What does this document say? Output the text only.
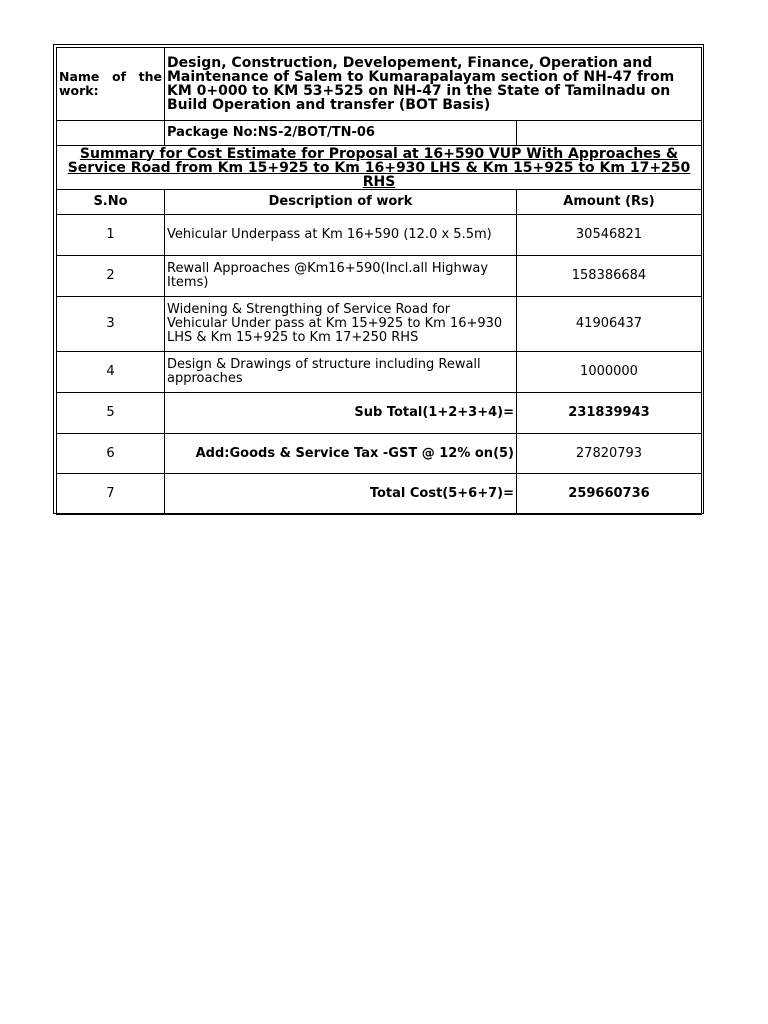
Name of the work:	Design, Construction, Developement, Finance, Operation and Maintenance of Salem to Kumarapalayam section of NH-47 from KM 0+000 to KM 53+525 on NH-47 in the State of Tamilnadu on Build Operation and transfer (BOT Basis)	
	Package No:NS-2/BOT/TN-06	
Summary for Cost Estimate for Proposal at 16+590 VUP With Approaches & Service Road from Km 15+925 to Km 16+930 LHS & Km 15+925 to Km 17+250 RHS		
S.No	Description of work	Amount (Rs)
1	Vehicular Underpass at Km 16+590 (12.0 x 5.5m)	30546821
2	Rewall Approaches @Km16+590(Incl.all Highway Items)	158386684
3	Widening & Strengthing of Service Road for Vehicular Under pass at Km 15+925 to Km 16+930 LHS & Km 15+925 to Km 17+250 RHS	41906437
4	Design & Drawings of structure including Rewall approaches	1000000
5	Sub Total(1+2+3+4)=	231839943
6	Add:Goods & Service Tax -GST @ 12% on(5)	27820793
7	Total Cost(5+6+7)=	259660736
